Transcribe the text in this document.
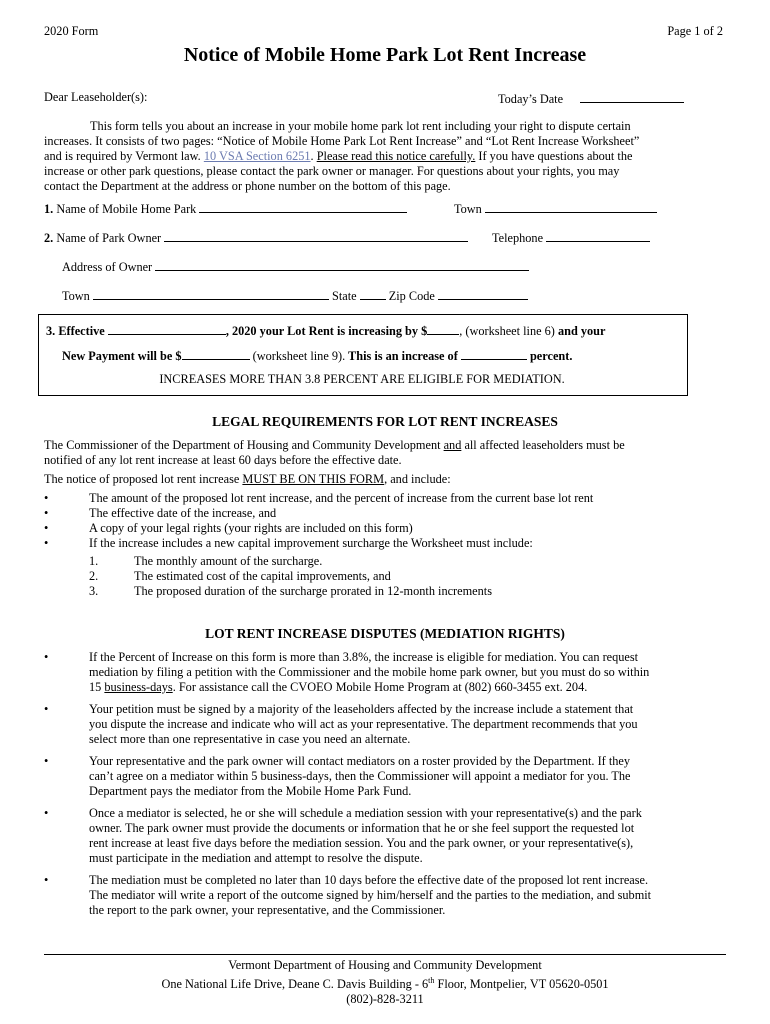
2020 Form	Page 1 of 2
Notice of Mobile Home Park Lot Rent Increase
Dear Leaseholder(s):	Today’s Date
This form tells you about an increase in your mobile home park lot rent including your right to dispute certain
increases. It consists of two pages: “Notice of Mobile Home Park Lot Rent Increase” and “Lot Rent Increase Worksheet”
and is required by Vermont law. 10 VSA Section 6251. Please read this notice carefully. If you have questions about the
increase or other park questions, please contact the park owner or manager. For questions about your rights, you may
contact the Department at the address or phone number on the bottom of this page.
1. Name of Mobile Home Park	Town
2. Name of Park Owner	Telephone
Address of Owner
Town	State	Zip Code
3. Effective	, 2020 your Lot Rent is increasing by $	, (worksheet line 6) and your
New Payment will be $	(worksheet line 9). This is an increase of	percent.
INCREASES MORE THAN 3.8 PERCENT ARE ELIGIBLE FOR MEDIATION.
LEGAL REQUIREMENTS FOR LOT RENT INCREASES
The Commissioner of the Department of Housing and Community Development and all affected leaseholders must be
notified of any lot rent increase at least 60 days before the effective date.
The notice of proposed lot rent increase MUST BE ON THIS FORM, and include:
• The amount of the proposed lot rent increase, and the percent of increase from the current base lot rent
• The effective date of the increase, and
• A copy of your legal rights (your rights are included on this form)
• If the increase includes a new capital improvement surcharge the Worksheet must include:
1.	The monthly amount of the surcharge.
2.	The estimated cost of the capital improvements, and
3.	The proposed duration of the surcharge prorated in 12-month increments
LOT RENT INCREASE DISPUTES (MEDIATION RIGHTS)
• If the Percent of Increase on this form is more than 3.8%, the increase is eligible for mediation. You can request
mediation by filing a petition with the Commissioner and the mobile home park owner, but you must do so within
15 business-days. For assistance call the CVOEO Mobile Home Program at (802) 660-3455 ext. 204.
• Your petition must be signed by a majority of the leaseholders affected by the increase include a statement that
you dispute the increase and indicate who will act as your representative. The department recommends that you
select more than one representative in case you need an alternate.
• Your representative and the park owner will contact mediators on a roster provided by the Department. If they
can’t agree on a mediator within 5 business-days, then the Commissioner will appoint a mediator for you. The
Department pays the mediator from the Mobile Home Park Fund.
• Once a mediator is selected, he or she will schedule a mediation session with your representative(s) and the park
owner. The park owner must provide the documents or information that he or she feel support the requested lot
rent increase at least five days before the mediation session. You and the park owner, or your representative(s),
must participate in the mediation and attempt to resolve the dispute.
• The mediation must be completed no later than 10 days before the effective date of the proposed lot rent increase.
The mediator will write a report of the outcome signed by him/herself and the parties to the mediation, and submit
the report to the park owner, your representative, and the Commissioner.
Vermont Department of Housing and Community Development
One National Life Drive, Deane C. Davis Building - 6th Floor, Montpelier, VT 05620-0501
(802)-828-3211
